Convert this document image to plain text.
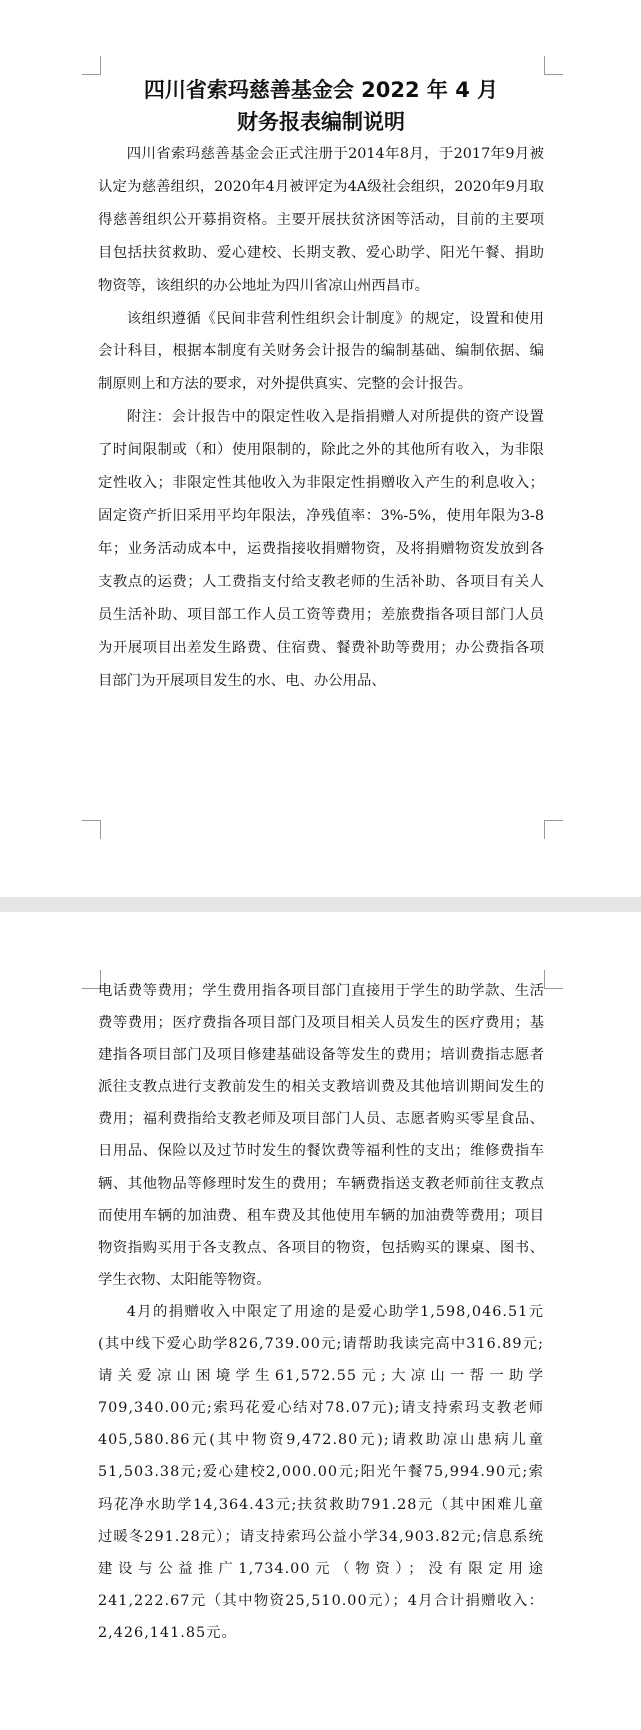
四川省索玛慈善基金会 2022 年 4 月
财务报表编制说明

四川省索玛慈善基金会正式注册于2014年8月，于2017年9月被认定为慈善组织，2020年4月被评定为4A级社会组织，2020年9月取得慈善组织公开募捐资格。主要开展扶贫济困等活动，目前的主要项目包括扶贫救助、爱心建校、长期支教、爱心助学、阳光午餐、捐助物资等，该组织的办公地址为四川省凉山州西昌市。

该组织遵循《民间非营利性组织会计制度》的规定，设置和使用会计科目，根据本制度有关财务会计报告的编制基础、编制依据、编制原则上和方法的要求，对外提供真实、完整的会计报告。

附注：会计报告中的限定性收入是指捐赠人对所提供的资产设置了时间限制或（和）使用限制的，除此之外的其他所有收入，为非限定性收入；非限定性其他收入为非限定性捐赠收入产生的利息收入；固定资产折旧采用平均年限法，净残值率：3%-5%，使用年限为3-8年；业务活动成本中，运费指接收捐赠物资，及将捐赠物资发放到各支教点的运费；人工费指支付给支教老师的生活补助、各项目有关人员生活补助、项目部工作人员工资等费用；差旅费指各项目部门人员为开展项目出差发生路费、住宿费、餐费补助等费用；办公费指各项目部门为开展项目发生的水、电、办公用品、

电话费等费用；学生费用指各项目部门直接用于学生的助学款、生活费等费用；医疗费指各项目部门及项目相关人员发生的医疗费用；基建指各项目部门及项目修建基础设备等发生的费用；培训费指志愿者派往支教点进行支教前发生的相关支教培训费及其他培训期间发生的费用；福利费指给支教老师及项目部门人员、志愿者购买零星食品、日用品、保险以及过节时发生的餐饮费等福利性的支出；维修费指车辆、其他物品等修理时发生的费用；车辆费指送支教老师前往支教点而使用车辆的加油费、租车费及其他使用车辆的加油费等费用；项目物资指购买用于各支教点、各项目的物资，包括购买的课桌、图书、学生衣物、太阳能等物资。

4月的捐赠收入中限定了用途的是爱心助学1,598,046.51元(其中线下爱心助学826,739.00元;请帮助我读完高中316.89元;请关爱凉山困境学生61,572.55元;大凉山一帮一助学709,340.00元;索玛花爱心结对78.07元);请支持索玛支教老师405,580.86元(其中物资9,472.80元);请救助凉山患病儿童51,503.38元;爱心建校2,000.00元;阳光午餐75,994.90元;索玛花净水助学14,364.43元;扶贫救助791.28元（其中困难儿童过暖冬291.28元）；请支持索玛公益小学34,903.82元;信息系统建设与公益推广1,734.00元（物资）；没有限定用途241,222.67元（其中物资25,510.00元）；4月合计捐赠收入：2,426,141.85元。
